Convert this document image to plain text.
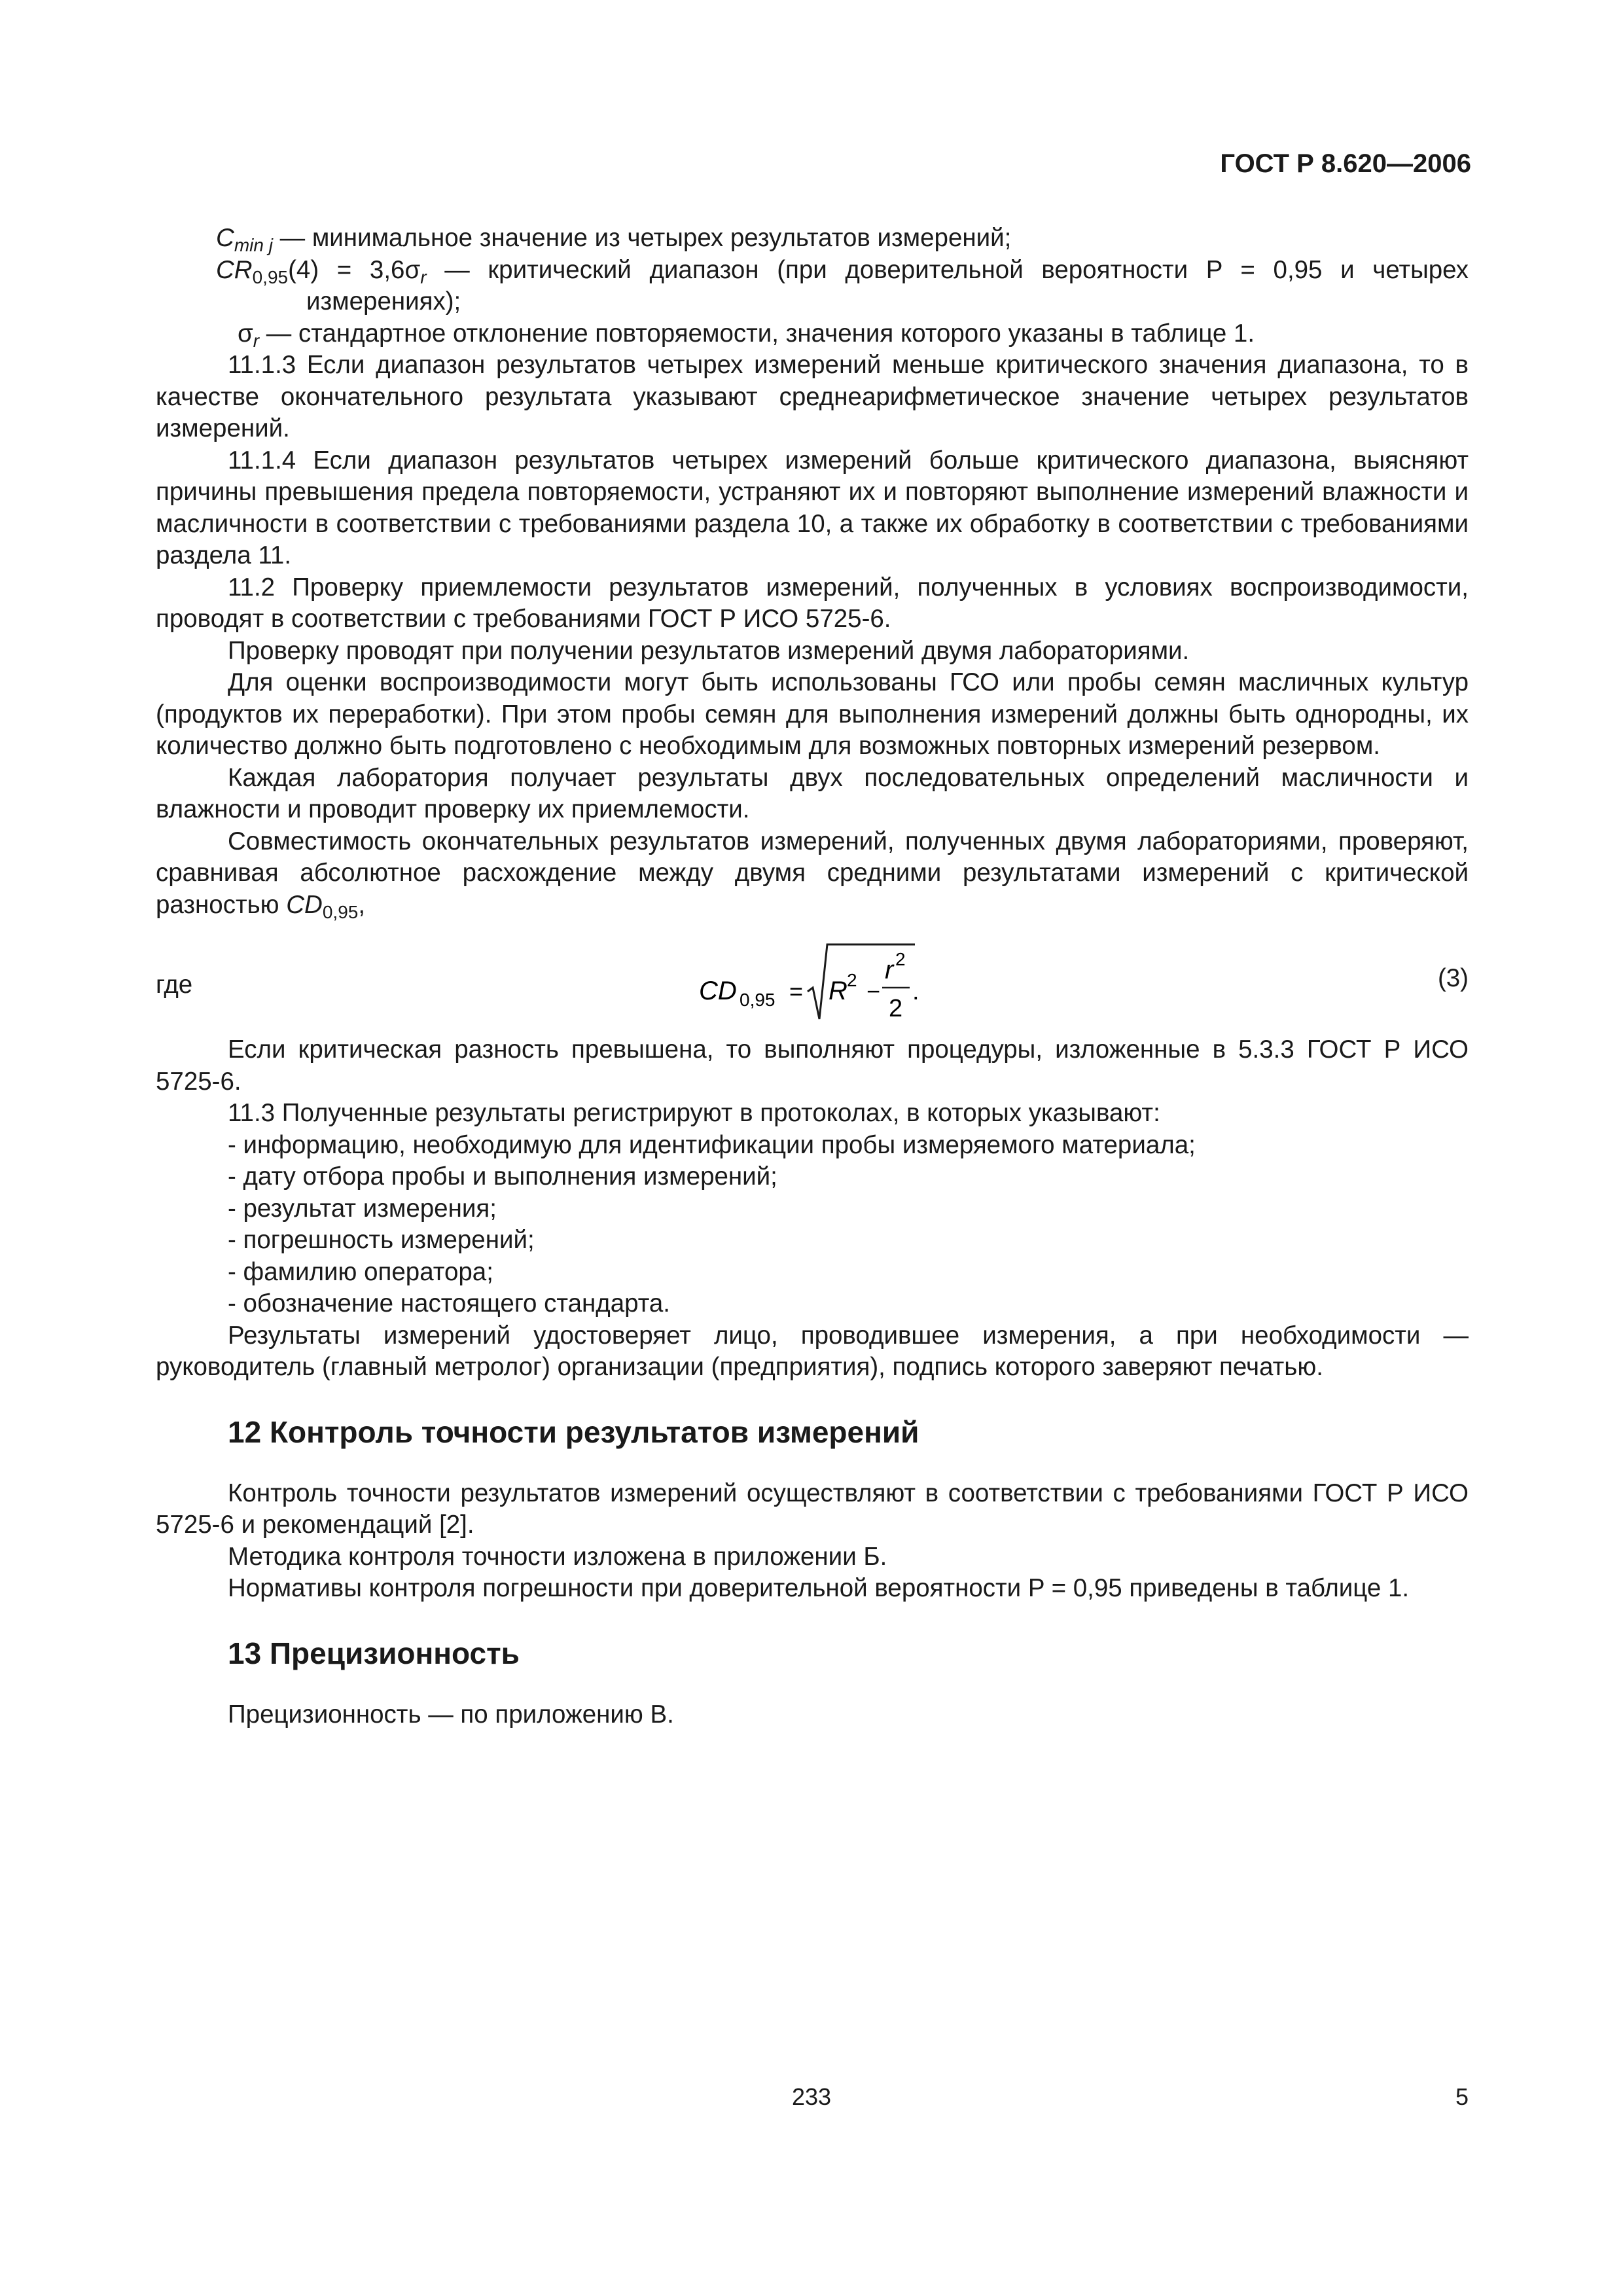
ГОСТ Р 8.620—2006

$C_{min j}$ — минимальное значение из четырех результатов измерений;

$CR_{0,95}(4) = 3,6\sigma_r$ — критический диапазон (при доверительной вероятности P = 0,95 и четырех измерениях);

$\sigma_r$ — стандартное отклонение повторяемости, значения которого указаны в таблице 1.

11.1.3 Если диапазон результатов четырех измерений меньше критического значения диапазона, то в качестве окончательного результата указывают среднеарифметическое значение четырех результатов измерений.

11.1.4 Если диапазон результатов четырех измерений больше критического диапазона, выясняют причины превышения предела повторяемости, устраняют их и повторяют выполнение измерений влажности и масличности в соответствии с требованиями раздела 10, а также их обработку в соответствии с требованиями раздела 11.

11.2 Проверку приемлемости результатов измерений, полученных в условиях воспроизводимости, проводят в соответствии с требованиями ГОСТ Р ИСО 5725-6.

Проверку проводят при получении результатов измерений двумя лабораториями.

Для оценки воспроизводимости могут быть использованы ГСО или пробы семян масличных культур (продуктов их переработки). При этом пробы семян для выполнения измерений должны быть однородны, их количество должно быть подготовлено с необходимым для возможных повторных измерений резервом.

Каждая лаборатория получает результаты двух последовательных определений масличности и влажности и проводит проверку их приемлемости.

Совместимость окончательных результатов измерений, полученных двумя лабораториями, проверяют, сравнивая абсолютное расхождение между двумя средними результатами измерений с критической разностью $CD_{0,95}$,

где	CD 0,95 = R 2 −
r 2
2
.	(3)

Если критическая разность превышена, то выполняют процедуры, изложенные в 5.3.3 ГОСТ Р ИСО 5725-6.

11.3 Полученные результаты регистрируют в протоколах, в которых указывают:

- информацию, необходимую для идентификации пробы измеряемого материала;

- дату отбора пробы и выполнения измерений;

- результат измерения;

- погрешность измерений;

- фамилию оператора;

- обозначение настоящего стандарта.

Результаты измерений удостоверяет лицо, проводившее измерения, а при необходимости — руководитель (главный метролог) организации (предприятия), подпись которого заверяют печатью.

12 Контроль точности результатов измерений

Контроль точности результатов измерений осуществляют в соответствии с требованиями ГОСТ Р ИСО 5725-6 и рекомендаций [2].

Методика контроля точности изложена в приложении Б.

Нормативы контроля погрешности при доверительной вероятности P = 0,95 приведены в таблице 1.

13 Прецизионность

Прецизионность — по приложению В.

233	5
